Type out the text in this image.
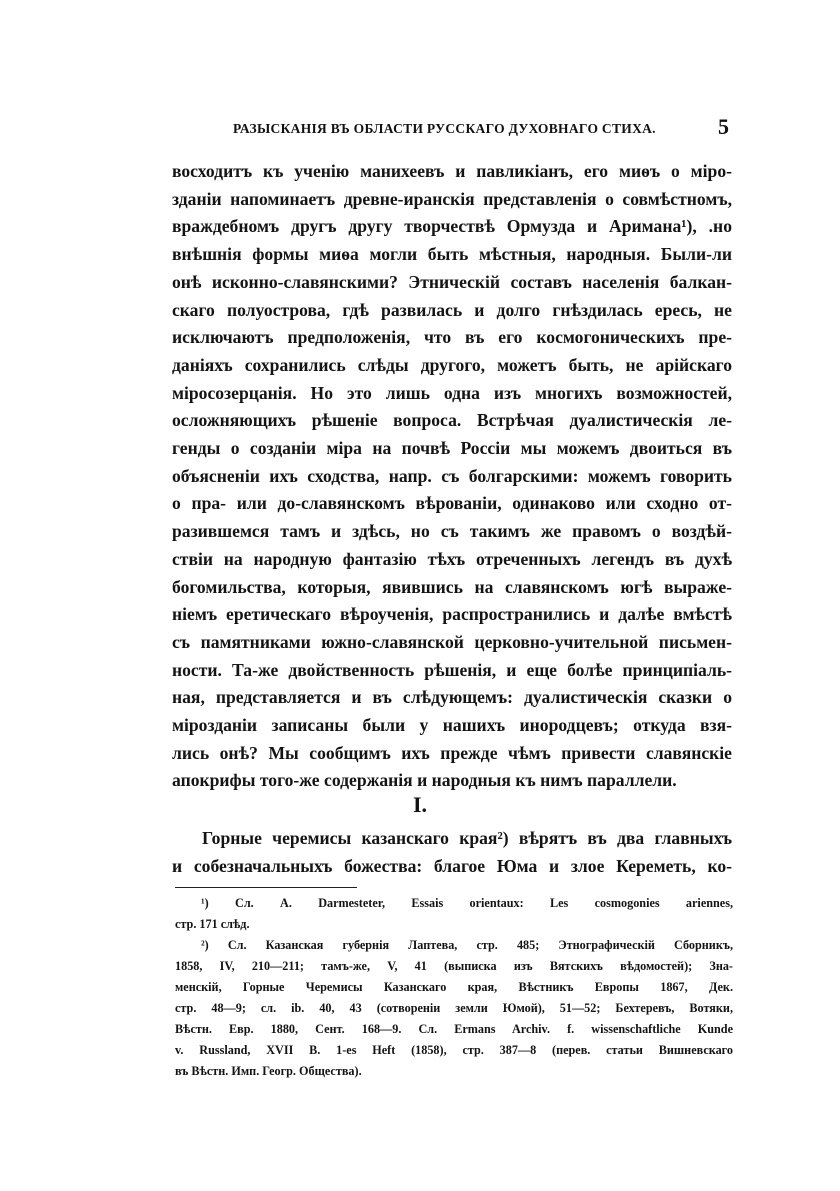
РАЗЫСКАНІЯ ВЪ ОБЛАСТИ РУССКАГО ДУХОВНАГО СТИХА.	5
восходитъ къ ученію манихеевъ и павликіанъ, его миѳъ о міро-
зданіи напоминаетъ древне-иранскія представленія о совмѣстномъ,
враждебномъ другъ другу творчествѣ Ормузда и Аримана¹), .но
внѣшнія формы миѳа могли быть мѣстныя, народныя. Были-ли
онѣ исконно-славянскими? Этническій составъ населенія балкан-
скаго полуострова, гдѣ развилась и долго гнѣздилась ересь, не
исключаютъ предположенія, что въ его космогоническихъ пре-
даніяхъ сохранились слѣды другого, можетъ быть, не арійскаго
міросозерцанія. Но это лишь одна изъ многихъ возможностей,
осложняющихъ рѣшеніе вопроса. Встрѣчая дуалистическія ле-
генды о созданіи міра на почвѣ Россіи мы можемъ двоиться въ
объясненіи ихъ сходства, напр. съ болгарскими: можемъ говорить
о пра- или до-славянскомъ вѣрованіи, одинаково или сходно от-
разившемся тамъ и здѣсь, но съ такимъ же правомъ о воздѣй-
ствіи на народную фантазію тѣхъ отреченныхъ легендъ въ духѣ
богомильства, которыя, явившись на славянскомъ югѣ выраже-
ніемъ еретическаго вѣроученія, распространились и далѣе вмѣстѣ
съ памятниками южно-славянской церковно-учительной письмен-
ности. Та-же двойственность рѣшенія, и еще болѣе принципіаль-
ная, представляется и въ слѣдующемъ: дуалистическія сказки о
мірозданіи записаны были у нашихъ инородцевъ; откуда взя-
лись онѣ? Мы сообщимъ ихъ прежде чѣмъ привести славянскіе
апокрифы того-же содержанія и народныя къ нимъ параллели.
I.
Горные черемисы казанскаго края²) вѣрятъ въ два главныхъ
и собезначальныхъ божества: благое Юма и злое Кереметь, ко-
¹) Сл. A. Darmesteter, Essais orientaux: Les cosmogonies ariennes,
стр. 171 слѣд.
²) Сл. Казанская губернія Лаптева, стр. 485; Этнографическій Сборникъ,
1858, IV, 210—211; тамъ-же, V, 41 (выписка изъ Вятскихъ вѣдомостей); Зна-
менскій, Горные Черемисы Казанскаго края, Вѣстникъ Европы 1867, Дек.
стр. 48—9; сл. ib. 40, 43 (сотвореніи земли Юмой), 51—52; Бехтеревъ, Вотяки,
Вѣстн. Евр. 1880, Сент. 168—9. Сл. Ermans Archiv. f. wissenschaftliche Kunde
v. Russland, XVII B. 1-es Heft (1858), стр. 387—8 (перев. статьи Вишневскаго
въ Вѣстн. Имп. Геогр. Общества).
